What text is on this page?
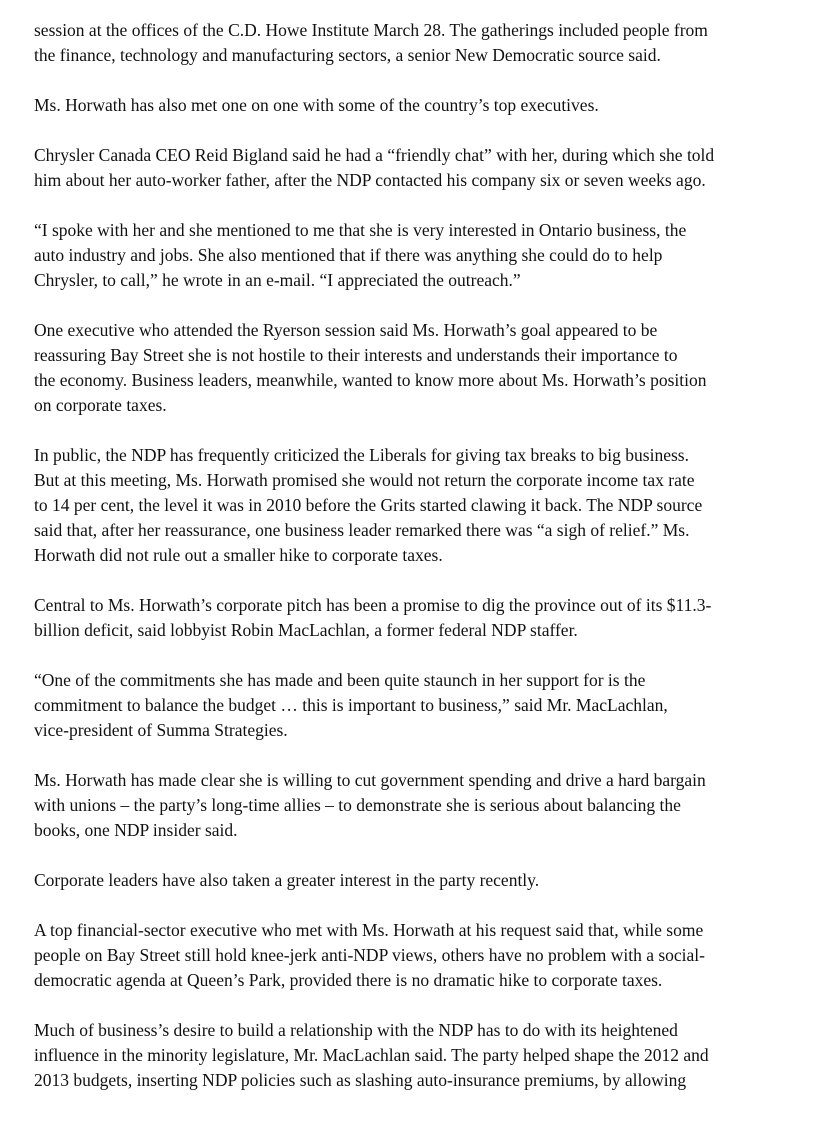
session at the offices of the C.D. Howe Institute March 28. The gatherings included people from
the finance, technology and manufacturing sectors, a senior New Democratic source said.

Ms. Horwath has also met one on one with some of the country’s top executives.

Chrysler Canada CEO Reid Bigland said he had a “friendly chat” with her, during which she told
him about her auto-worker father, after the NDP contacted his company six or seven weeks ago.

“I spoke with her and she mentioned to me that she is very interested in Ontario business, the
auto industry and jobs. She also mentioned that if there was anything she could do to help
Chrysler, to call,” he wrote in an e-mail. “I appreciated the outreach.”

One executive who attended the Ryerson session said Ms. Horwath’s goal appeared to be
reassuring Bay Street she is not hostile to their interests and understands their importance to
the economy. Business leaders, meanwhile, wanted to know more about Ms. Horwath’s position
on corporate taxes.

In public, the NDP has frequently criticized the Liberals for giving tax breaks to big business.
But at this meeting, Ms. Horwath promised she would not return the corporate income tax rate
to 14 per cent, the level it was in 2010 before the Grits started clawing it back. The NDP source
said that, after her reassurance, one business leader remarked there was “a sigh of relief.” Ms.
Horwath did not rule out a smaller hike to corporate taxes.

Central to Ms. Horwath’s corporate pitch has been a promise to dig the province out of its $11.3-
billion deficit, said lobbyist Robin MacLachlan, a former federal NDP staffer.

“One of the commitments she has made and been quite staunch in her support for is the
commitment to balance the budget … this is important to business,” said Mr. MacLachlan,
vice-president of Summa Strategies.

Ms. Horwath has made clear she is willing to cut government spending and drive a hard bargain
with unions – the party’s long-time allies – to demonstrate she is serious about balancing the
books, one NDP insider said.

Corporate leaders have also taken a greater interest in the party recently.

A top financial-sector executive who met with Ms. Horwath at his request said that, while some
people on Bay Street still hold knee-jerk anti-NDP views, others have no problem with a social-
democratic agenda at Queen’s Park, provided there is no dramatic hike to corporate taxes.

Much of business’s desire to build a relationship with the NDP has to do with its heightened
influence in the minority legislature, Mr. MacLachlan said. The party helped shape the 2012 and
2013 budgets, inserting NDP policies such as slashing auto-insurance premiums, by allowing
